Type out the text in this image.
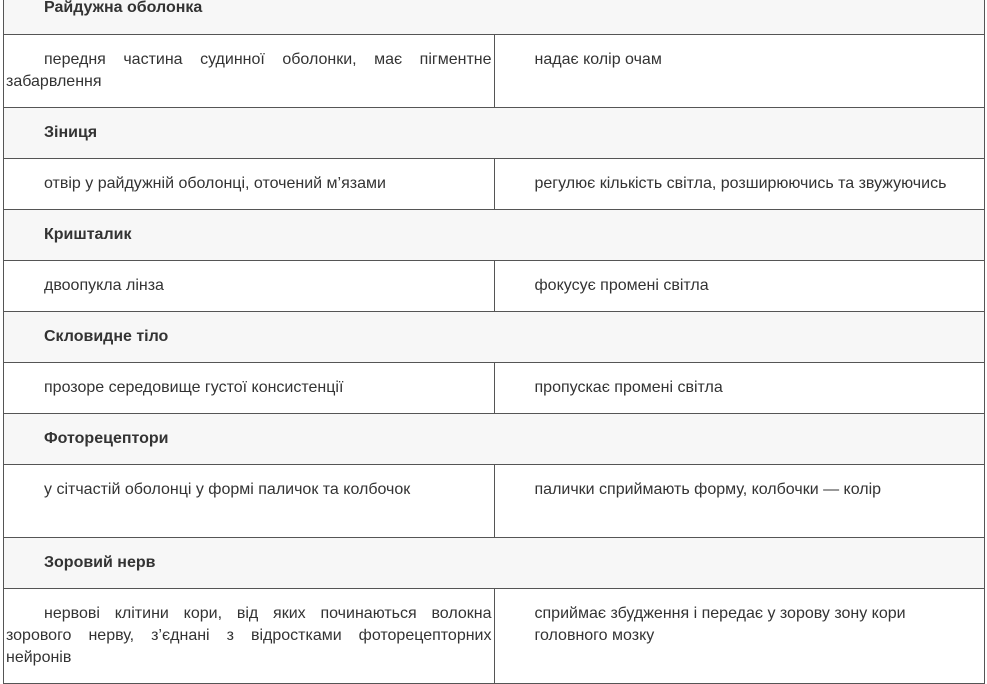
Райдужна оболонка	

передня частина судинної оболонки, має пігментне забарвлення	надає колір очам

Зіниця	

отвір у райдужній оболонці, оточений м’язами	регулює кількість світла, розширюючись та звужуючись

Кришталик	

двоопукла лінза	фокусує промені світла

Скловидне тіло	

прозоре середовище густої консистенції	пропускає промені світла

Фоторецептори	

у сітчастій оболонці у формі паличок та колбочок	палички сприймають форму, колбочки — колір

Зоровий нерв	

нервові клітини кори, від яких починаються волокна зорового нерву, з’єднані з відростками фоторецепторних нейронів	сприймає збудження і передає у зорову зону кори головного мозку
